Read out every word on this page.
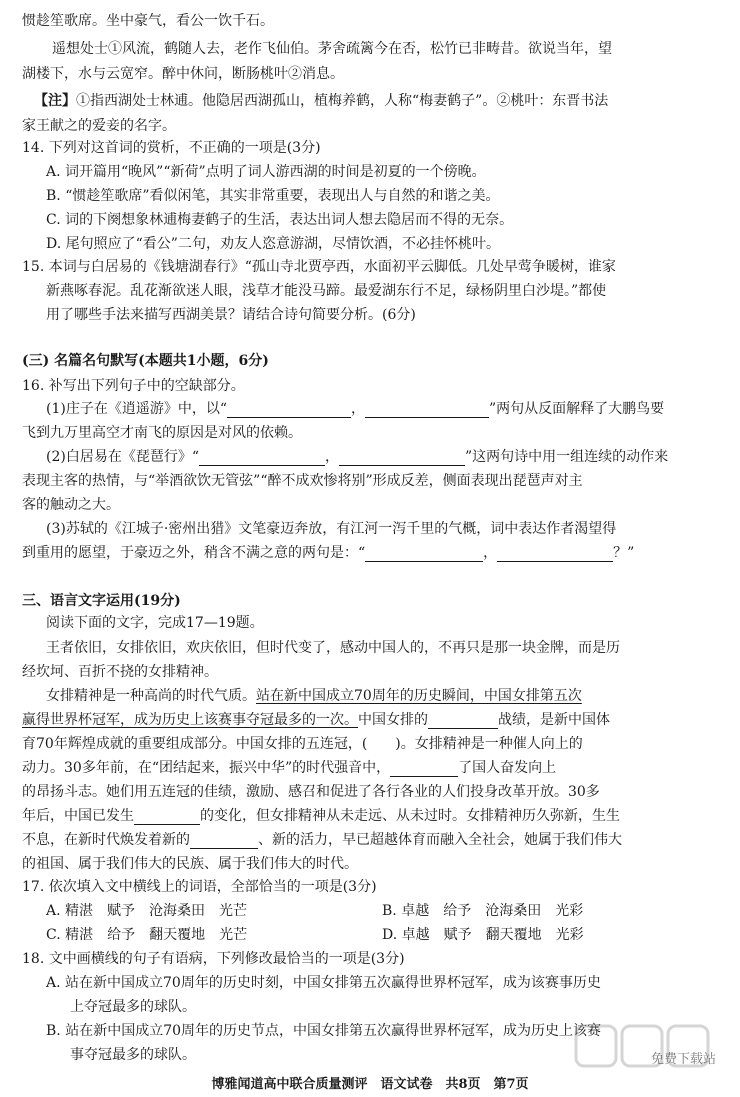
惯趁笙歌席。坐中豪气，看公一饮千石。
遥想处士①风流，鹤随人去，老作飞仙伯。茅舍疏篱今在否，松竹已非畴昔。欲说当年，望
湖楼下，水与云宽窄。醉中休问，断肠桃叶②消息。
【注】①指西湖处士林逋。他隐居西湖孤山，植梅养鹤，人称“梅妻鹤子”。②桃叶：东晋书法
家王献之的爱妾的名字。
14. 下列对这首词的赏析，不正确的一项是(3分)
A. 词开篇用“晚风”“新荷”点明了词人游西湖的时间是初夏的一个傍晚。
B. “惯趁笙歌席”看似闲笔，其实非常重要，表现出人与自然的和谐之美。
C. 词的下阕想象林逋梅妻鹤子的生活，表达出词人想去隐居而不得的无奈。
D. 尾句照应了“看公”二句，劝友人恣意游湖，尽情饮酒，不必挂怀桃叶。
15. 本词与白居易的《钱塘湖春行》“孤山寺北贾亭西，水面初平云脚低。几处早莺争暖树，谁家
新燕啄春泥。乱花渐欲迷人眼，浅草才能没马蹄。最爱湖东行不足，绿杨阴里白沙堤。”都使
用了哪些手法来描写西湖美景？请结合诗句简要分析。(6分)
(三) 名篇名句默写(本题共1小题，6分)
16. 补写出下列句子中的空缺部分。
(1)庄子在《逍遥游》中，以“	，	”两句从反面解释了大鹏鸟要
飞到九万里高空才南飞的原因是对风的依赖。
(2)白居易在《琵琶行》“	，	”这两句诗中用一组连续的动作来
表现主客的热情，与“举酒欲饮无管弦”“醉不成欢惨将别”形成反差，侧面表现出琵琶声对主
客的触动之大。
(3)苏轼的《江城子·密州出猎》文笔豪迈奔放，有江河一泻千里的气概，词中表达作者渴望得
到重用的愿望，于豪迈之外，稍含不满之意的两句是：“	，	？”
三、语言文字运用(19分)
阅读下面的文字，完成17—19题。
王者依旧，女排依旧，欢庆依旧，但时代变了，感动中国人的，不再只是那一块金牌，而是历
经坎坷、百折不挠的女排精神。
女排精神是一种高尚的时代气质。站在新中国成立70周年的历史瞬间，中国女排第五次
赢得世界杯冠军，成为历史上该赛事夺冠最多的一次。中国女排的	战绩，是新中国体
育70年辉煌成就的重要组成部分。中国女排的五连冠，(　　)。女排精神是一种催人向上的
动力。30多年前，在“团结起来，振兴中华”的时代强音中，	了国人奋发向上
的昂扬斗志。她们用五连冠的佳绩，激励、感召和促进了各行各业的人们投身改革开放。30多
年后，中国已发生	的变化，但女排精神从未走远、从未过时。女排精神历久弥新，生生
不息，在新时代焕发着新的	、新的活力，早已超越体育而融入全社会，她属于我们伟大
的祖国、属于我们伟大的民族、属于我们伟大的时代。
17. 依次填入文中横线上的词语，全部恰当的一项是(3分)
A. 精湛　赋予　沧海桑田　光芒	B. 卓越　给予　沧海桑田　光彩
C. 精湛　给予　翻天覆地　光芒	D. 卓越　赋予　翻天覆地　光彩
18. 文中画横线的句子有语病，下列修改最恰当的一项是(3分)
A. 站在新中国成立70周年的历史时刻，中国女排第五次赢得世界杯冠军，成为该赛事历史
上夺冠最多的球队。
B. 站在新中国成立70周年的历史节点，中国女排第五次赢得世界杯冠军，成为历史上该赛
事夺冠最多的球队。	免费下载站
博雅闻道高中联合质量测评　语文试卷　共8页　第7页
